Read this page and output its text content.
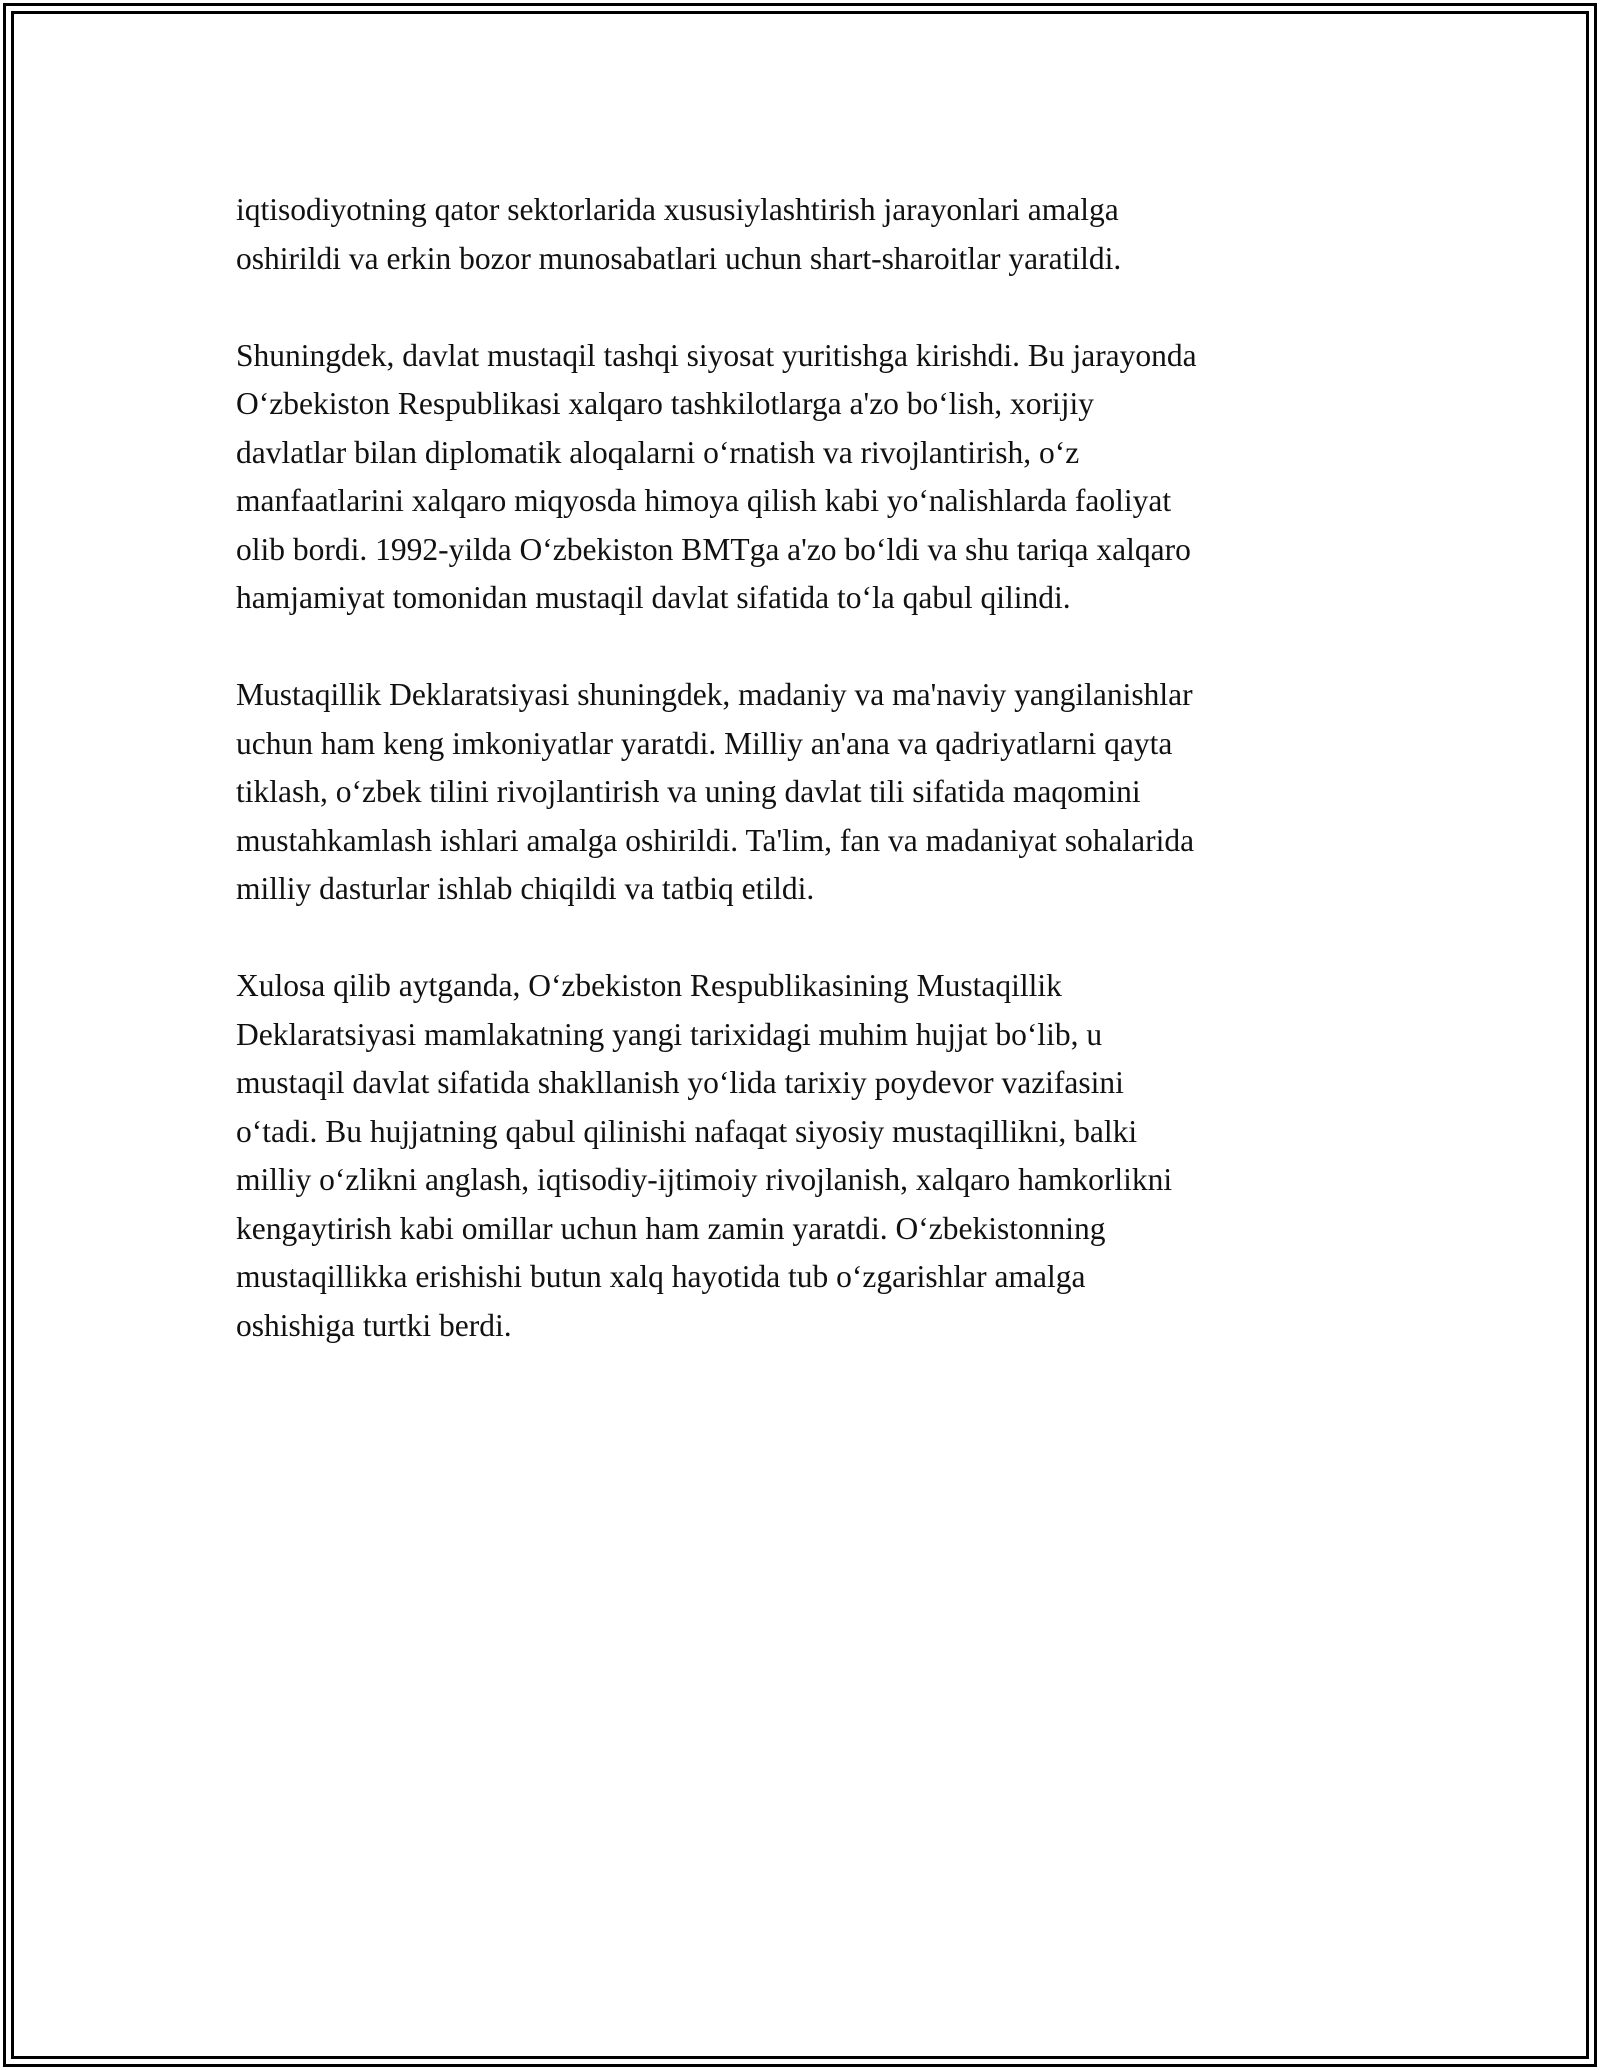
iqtisodiyotning qator sektorlarida xususiylashtirish jarayonlari amalga
oshirildi va erkin bozor munosabatlari uchun shart-sharoitlar yaratildi.

Shuningdek, davlat mustaqil tashqi siyosat yuritishga kirishdi. Bu jarayonda
O‘zbekiston Respublikasi xalqaro tashkilotlarga a'zo bo‘lish, xorijiy
davlatlar bilan diplomatik aloqalarni o‘rnatish va rivojlantirish, o‘z
manfaatlarini xalqaro miqyosda himoya qilish kabi yo‘nalishlarda faoliyat
olib bordi. 1992-yilda O‘zbekiston BMTga a'zo bo‘ldi va shu tariqa xalqaro
hamjamiyat tomonidan mustaqil davlat sifatida to‘la qabul qilindi.

Mustaqillik Deklaratsiyasi shuningdek, madaniy va ma'naviy yangilanishlar
uchun ham keng imkoniyatlar yaratdi. Milliy an'ana va qadriyatlarni qayta
tiklash, o‘zbek tilini rivojlantirish va uning davlat tili sifatida maqomini
mustahkamlash ishlari amalga oshirildi. Ta'lim, fan va madaniyat sohalarida
milliy dasturlar ishlab chiqildi va tatbiq etildi.

Xulosa qilib aytganda, O‘zbekiston Respublikasining Mustaqillik
Deklaratsiyasi mamlakatning yangi tarixidagi muhim hujjat bo‘lib, u
mustaqil davlat sifatida shakllanish yo‘lida tarixiy poydevor vazifasini
o‘tadi. Bu hujjatning qabul qilinishi nafaqat siyosiy mustaqillikni, balki
milliy o‘zlikni anglash, iqtisodiy-ijtimoiy rivojlanish, xalqaro hamkorlikni
kengaytirish kabi omillar uchun ham zamin yaratdi. O‘zbekistonning
mustaqillikka erishishi butun xalq hayotida tub o‘zgarishlar amalga
oshishiga turtki berdi.
